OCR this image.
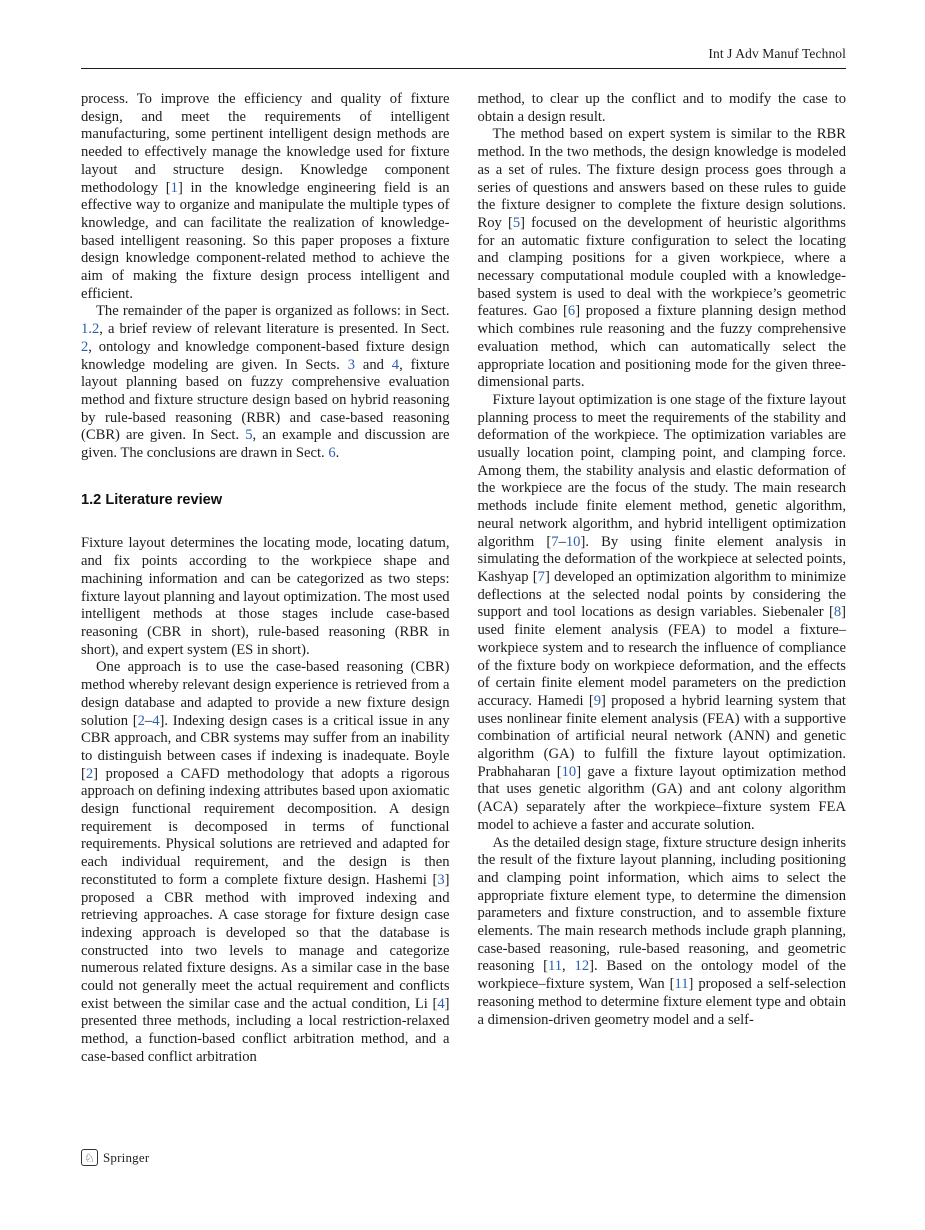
Int J Adv Manuf Technol

process. To improve the efficiency and quality of fixture design, and meet the requirements of intelligent manufacturing, some pertinent intelligent design methods are needed to effectively manage the knowledge used for fixture layout and structure design. Knowledge component methodology [1] in the knowledge engineering field is an effective way to organize and manipulate the multiple types of knowledge, and can facilitate the realization of knowledge-based intelligent reasoning. So this paper proposes a fixture design knowledge component-related method to achieve the aim of making the fixture design process intelligent and efficient.

The remainder of the paper is organized as follows: in Sect. 1.2, a brief review of relevant literature is presented. In Sect. 2, ontology and knowledge component-based fixture design knowledge modeling are given. In Sects. 3 and 4, fixture layout planning based on fuzzy comprehensive evaluation method and fixture structure design based on hybrid reasoning by rule-based reasoning (RBR) and case-based reasoning (CBR) are given. In Sect. 5, an example and discussion are given. The conclusions are drawn in Sect. 6.

1.2 Literature review

Fixture layout determines the locating mode, locating datum, and fix points according to the workpiece shape and machining information and can be categorized as two steps: fixture layout planning and layout optimization. The most used intelligent methods at those stages include case-based reasoning (CBR in short), rule-based reasoning (RBR in short), and expert system (ES in short).

One approach is to use the case-based reasoning (CBR) method whereby relevant design experience is retrieved from a design database and adapted to provide a new fixture design solution [2–4]. Indexing design cases is a critical issue in any CBR approach, and CBR systems may suffer from an inability to distinguish between cases if indexing is inadequate. Boyle [2] proposed a CAFD methodology that adopts a rigorous approach on defining indexing attributes based upon axiomatic design functional requirement decomposition. A design requirement is decomposed in terms of functional requirements. Physical solutions are retrieved and adapted for each individual requirement, and the design is then reconstituted to form a complete fixture design. Hashemi [3] proposed a CBR method with improved indexing and retrieving approaches. A case storage for fixture design case indexing approach is developed so that the database is constructed into two levels to manage and categorize numerous related fixture designs. As a similar case in the base could not generally meet the actual requirement and conflicts exist between the similar case and the actual condition, Li [4] presented three methods, including a local restriction-relaxed method, a function-based conflict arbitration method, and a case-based conflict arbitration

method, to clear up the conflict and to modify the case to obtain a design result.

The method based on expert system is similar to the RBR method. In the two methods, the design knowledge is modeled as a set of rules. The fixture design process goes through a series of questions and answers based on these rules to guide the fixture designer to complete the fixture design solutions. Roy [5] focused on the development of heuristic algorithms for an automatic fixture configuration to select the locating and clamping positions for a given workpiece, where a necessary computational module coupled with a knowledge-based system is used to deal with the workpiece’s geometric features. Gao [6] proposed a fixture planning design method which combines rule reasoning and the fuzzy comprehensive evaluation method, which can automatically select the appropriate location and positioning mode for the given three-dimensional parts.

Fixture layout optimization is one stage of the fixture layout planning process to meet the requirements of the stability and deformation of the workpiece. The optimization variables are usually location point, clamping point, and clamping force. Among them, the stability analysis and elastic deformation of the workpiece are the focus of the study. The main research methods include finite element method, genetic algorithm, neural network algorithm, and hybrid intelligent optimization algorithm [7–10]. By using finite element analysis in simulating the deformation of the workpiece at selected points, Kashyap [7] developed an optimization algorithm to minimize deflections at the selected nodal points by considering the support and tool locations as design variables. Siebenaler [8] used finite element analysis (FEA) to model a fixture–workpiece system and to research the influence of compliance of the fixture body on workpiece deformation, and the effects of certain finite element model parameters on the prediction accuracy. Hamedi [9] proposed a hybrid learning system that uses nonlinear finite element analysis (FEA) with a supportive combination of artificial neural network (ANN) and genetic algorithm (GA) to fulfill the fixture layout optimization. Prabhaharan [10] gave a fixture layout optimization method that uses genetic algorithm (GA) and ant colony algorithm (ACA) separately after the workpiece–fixture system FEA model to achieve a faster and accurate solution.

As the detailed design stage, fixture structure design inherits the result of the fixture layout planning, including positioning and clamping point information, which aims to select the appropriate fixture element type, to determine the dimension parameters and fixture construction, and to assemble fixture elements. The main research methods include graph planning, case-based reasoning, rule-based reasoning, and geometric reasoning [11, 12]. Based on the ontology model of the workpiece–fixture system, Wan [11] proposed a self-selection reasoning method to determine fixture element type and obtain a dimension-driven geometry model and a self-

♘ Springer
